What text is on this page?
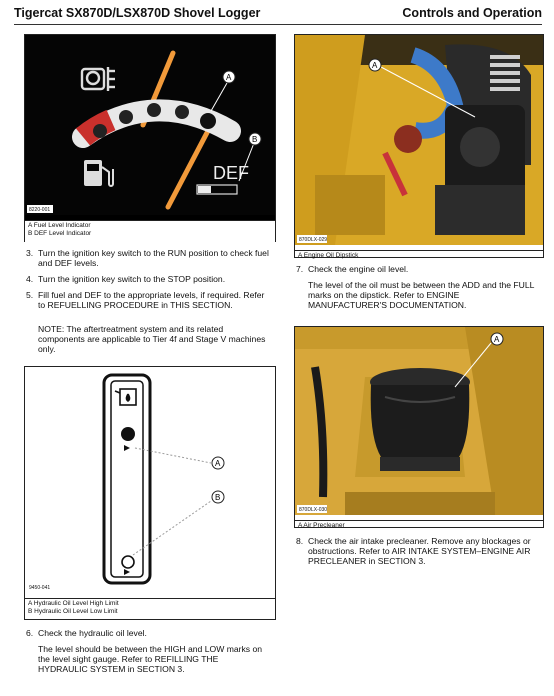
Tigercat SX870D/LSX870D Shovel Logger	Controls and Operation
DEF
A
B
8220-001
A Fuel Level Indicator
B DEF Level Indicator
3. Turn the ignition key switch to the RUN position to check fuel and DEF levels.
4. Turn the ignition key switch to the STOP position.
5. Fill fuel and DEF to the appropriate levels, if required. Refer to REFUELLING PROCEDURE in THIS SECTION.
NOTE: The aftertreatment system and its related components are applicable to Tier 4f and Stage V machines only.
A
B
9450-041
A Hydraulic Oil Level High Limit
B Hydraulic Oil Level Low Limit
6. Check the hydraulic oil level.
The level should be between the HIGH and LOW marks on the level sight gauge. Refer to REFILLING THE HYDRAULIC SYSTEM in SECTION 3.
A
870DLX-029
A Engine Oil Dipstick
7. Check the engine oil level.
The level of the oil must be between the ADD and the FULL marks on the dipstick. Refer to ENGINE MANUFACTURER'S DOCUMENTATION.
A
870DLX-030
A Air Precleaner
8. Check the air intake precleaner. Remove any blockages or obstructions. Refer to AIR INTAKE SYSTEM–ENGINE AIR PRECLEANER in SECTION 3.
